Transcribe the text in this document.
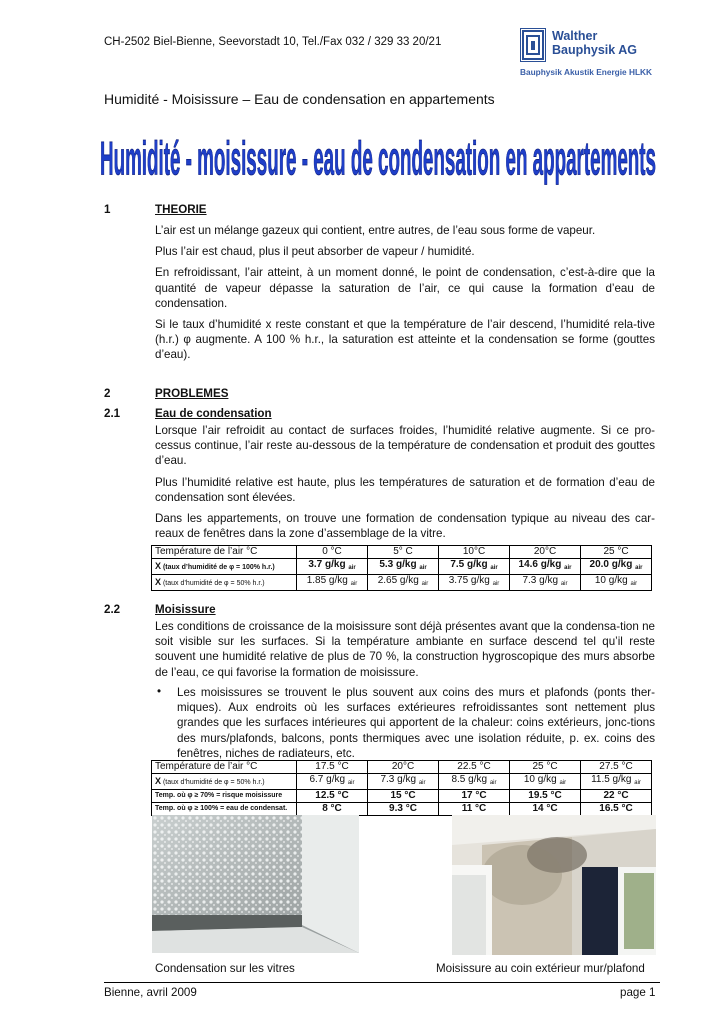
CH-2502 Biel-Bienne, Seevorstadt 10, Tel./Fax 032 / 329 33 20/21	Walther
Bauphysik AG
Bauphysik Akustik Energie HLKK
Humidité - Moisissure – Eau de condensation en appartements
Humidité - moisissure - eau de condensation en appartements
1	THEORIE

L’air est un mélange gazeux qui contient, entre autres, de l’eau sous forme de vapeur.

Plus l’air est chaud, plus il peut absorber de vapeur / humidité.

En refroidissant, l’air atteint, à un moment donné, le point de condensation, c’est-à-dire que la quantité de vapeur dépasse la saturation de l’air, ce qui cause la formation d’eau de condensation.

Si le taux d’humidité x reste constant et que la température de l’air descend, l’humidité rela-tive (h.r.) φ augmente. A 100 % h.r., la saturation est atteinte et la condensation se forme (gouttes d’eau).

2	PROBLEMES
2.1	Eau de condensation

Lorsque l’air refroidit au contact de surfaces froides, l’humidité relative augmente. Si ce pro-cessus continue, l’air reste au-dessous de la température de condensation et produit des gouttes d’eau.

Plus l’humidité relative est haute, plus les températures de saturation et de formation d’eau de condensation sont élevées.

Dans les appartements, on trouve une formation de condensation typique au niveau des car-reaux de fenêtres dans la zone d’assemblage de la vitre.

Température de l’air °C	0 °C	5° C	10°C	20°C	25 °C
X (taux d’humidité de φ = 100% h.r.)	3.7 g/kg $_{air}$	5.3 g/kg $_{air}$	7.5 g/kg $_{air}$	14.6 g/kg $_{air}$	20.0 g/kg $_{air}$
X (taux d’humidité de φ = 50% h.r.)	1.85 g/kg $_{air}$	2.65 g/kg $_{air}$	3.75 g/kg $_{air}$	7.3 g/kg $_{air}$	10 g/kg $_{air}$
2.2	Moisissure

Les conditions de croissance de la moisissure sont déjà présentes avant que la condensa-tion ne soit visible sur les surfaces. Si la température ambiante en surface descend tel qu’il reste souvent une humidité relative de plus de 70 %, la construction hygroscopique des murs absorbe de l’eau, ce qui favorise la formation de moisissure.

• Les moisissures se trouvent le plus souvent aux coins des murs et plafonds (ponts ther-miques). Aux endroits où les surfaces extérieures refroidissantes sont nettement plus grandes que les surfaces intérieures qui apportent de la chaleur: coins extérieurs, jonc-tions des murs/plafonds, balcons, ponts thermiques avec une isolation réduite, p. ex. coins des fenêtres, niches de radiateurs, etc.
Température de l’air °C	17.5 °C	20°C	22.5 °C	25 °C	27.5 °C
X (taux d’humidité de φ = 50% h.r.)	6.7 g/kg $_{air}$	7.3 g/kg $_{air}$	8.5 g/kg $_{air}$	10 g/kg $_{air}$	11.5 g/kg $_{air}$
Temp. où φ ≥ 70% = risque moisissure	12.5 °C	15 °C	17 °C	19.5 °C	22 °C
Temp. où φ ≥ 100% = eau de condensat.	8 °C	9.3 °C	11 °C	14 °C	16.5 °C
Condensation sur les vitres	Moisissure au coin extérieur mur/plafond
Bienne, avril 2009	page 1
